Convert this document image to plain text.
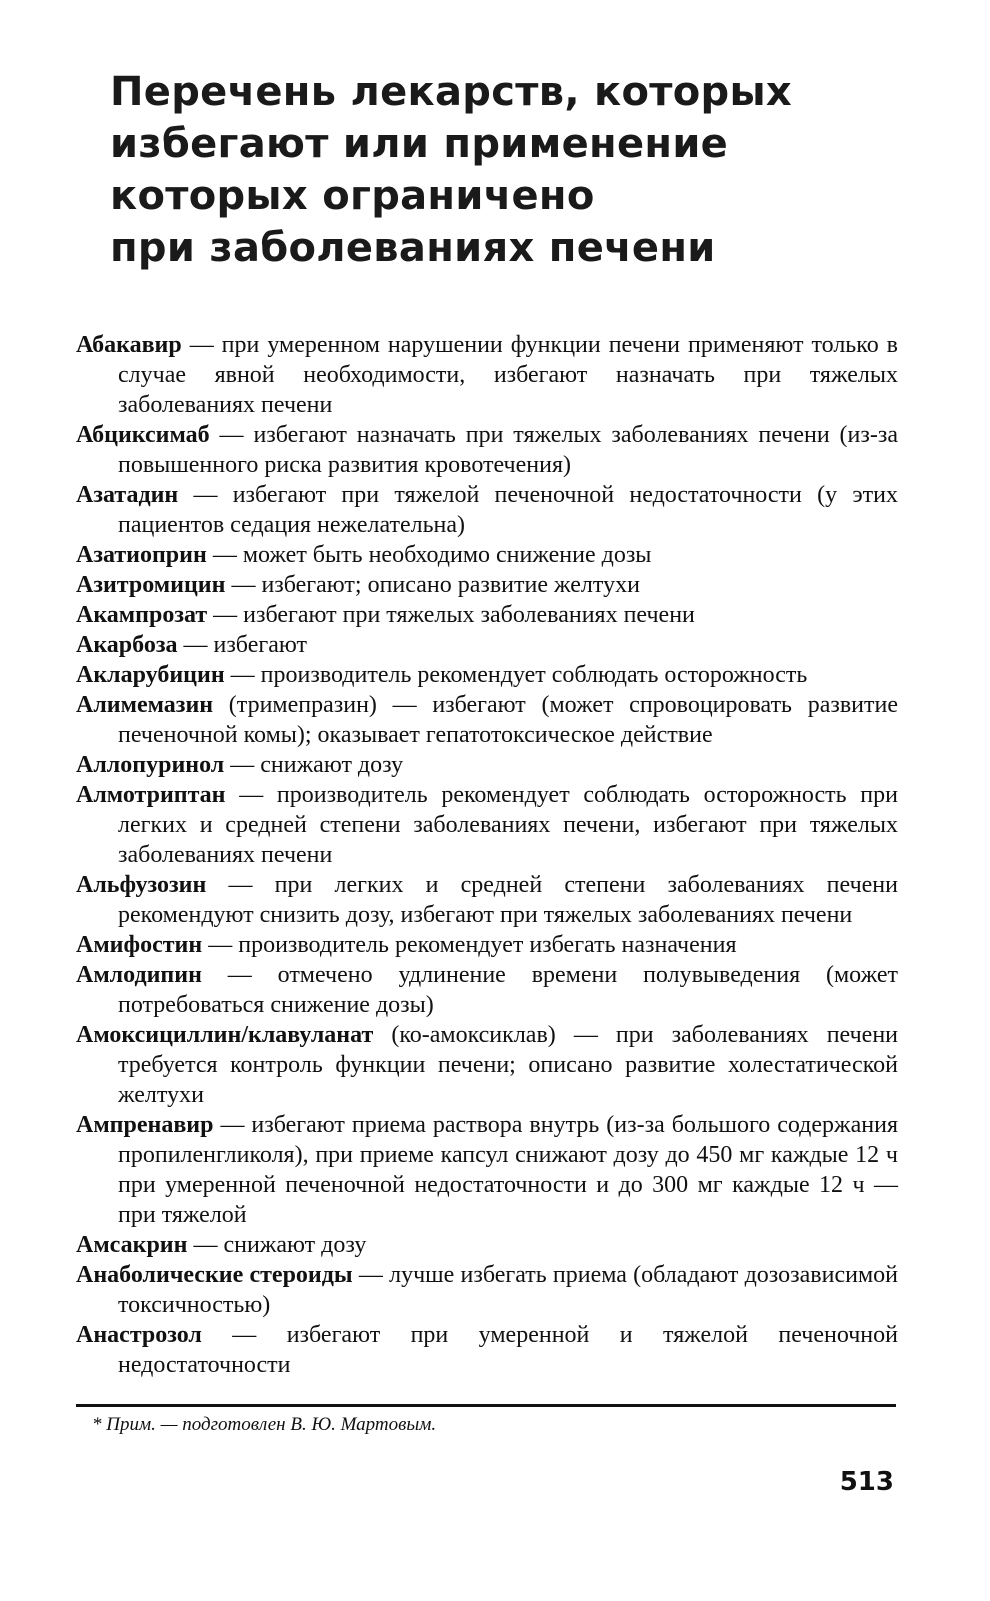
Перечень лекарств, которых
избегают или применение
которых ограничено
при заболеваниях печени
Абакавир — при умеренном нарушении функции печени применяют только в случае явной необходимости, избегают назначать при тяжелых заболеваниях печени
Абциксимаб — избегают назначать при тяжелых заболеваниях печени (из-за повышенного риска развития кровотечения)
Азатадин — избегают при тяжелой печеночной недостаточности (у этих пациентов седация нежелательна)
Азатиоприн — может быть необходимо снижение дозы
Азитромицин — избегают; описано развитие желтухи
Акампрозат — избегают при тяжелых заболеваниях печени
Акарбоза — избегают
Акларубицин — производитель рекомендует соблюдать осторожность
Алимемазин (тримепразин) — избегают (может спровоцировать развитие печеночной комы); оказывает гепатотоксическое действие
Аллопуринол — снижают дозу
Алмотриптан — производитель рекомендует соблюдать осторожность при легких и средней степени заболеваниях печени, избегают при тяжелых заболеваниях печени
Альфузозин — при легких и средней степени заболеваниях печени рекомендуют снизить дозу, избегают при тяжелых заболеваниях печени
Амифостин — производитель рекомендует избегать назначения
Амлодипин — отмечено удлинение времени полувыведения (может потребоваться снижение дозы)
Амоксициллин/клавуланат (ко-амоксиклав) — при заболеваниях печени требуется контроль функции печени; описано развитие холестатической желтухи
Ампренавир — избегают приема раствора внутрь (из-за большого содержания пропиленгликоля), при приеме капсул снижают дозу до 450 мг каждые 12 ч при умеренной печеночной недостаточности и до 300 мг каждые 12 ч — при тяжелой
Амсакрин — снижают дозу
Анаболические стероиды — лучше избегать приема (обладают дозозависимой токсичностью)
Анастрозол — избегают при умеренной и тяжелой печеночной недостаточности
* Прим. — подготовлен В. Ю. Мартовым.
513
